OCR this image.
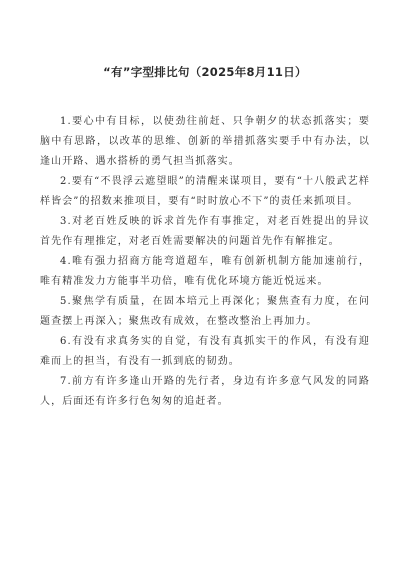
“有”字型排比句（2025年8月11日）

1.要心中有目标，以使劲往前赶、只争朝夕的状态抓落实；要脑中有思路，以改革的思维、创新的举措抓落实要手中有办法，以逢山开路、遇水搭桥的勇气担当抓落实。

2.要有“不畏浮云遮望眼”的清醒来谋项目，要有“十八般武艺样样皆会”的招数来推项目，要有“时时放心不下”的责任来抓项目。

3.对老百姓反映的诉求首先作有事推定，对老百姓提出的异议首先作有理推定，对老百姓需要解决的问题首先作有解推定。

4.唯有强力招商方能弯道超车，唯有创新机制方能加速前行，唯有精准发力方能事半功倍，唯有优化环境方能近悦远来。

5.聚焦学有质量，在固本培元上再深化；聚焦查有力度，在问题查摆上再深入；聚焦改有成效，在整改整治上再加力。

6.有没有求真务实的自觉，有没有真抓实干的作风，有没有迎难而上的担当，有没有一抓到底的韧劲。

7.前方有许多逢山开路的先行者，身边有许多意气风发的同路人，后面还有许多行色匆匆的追赶者。
